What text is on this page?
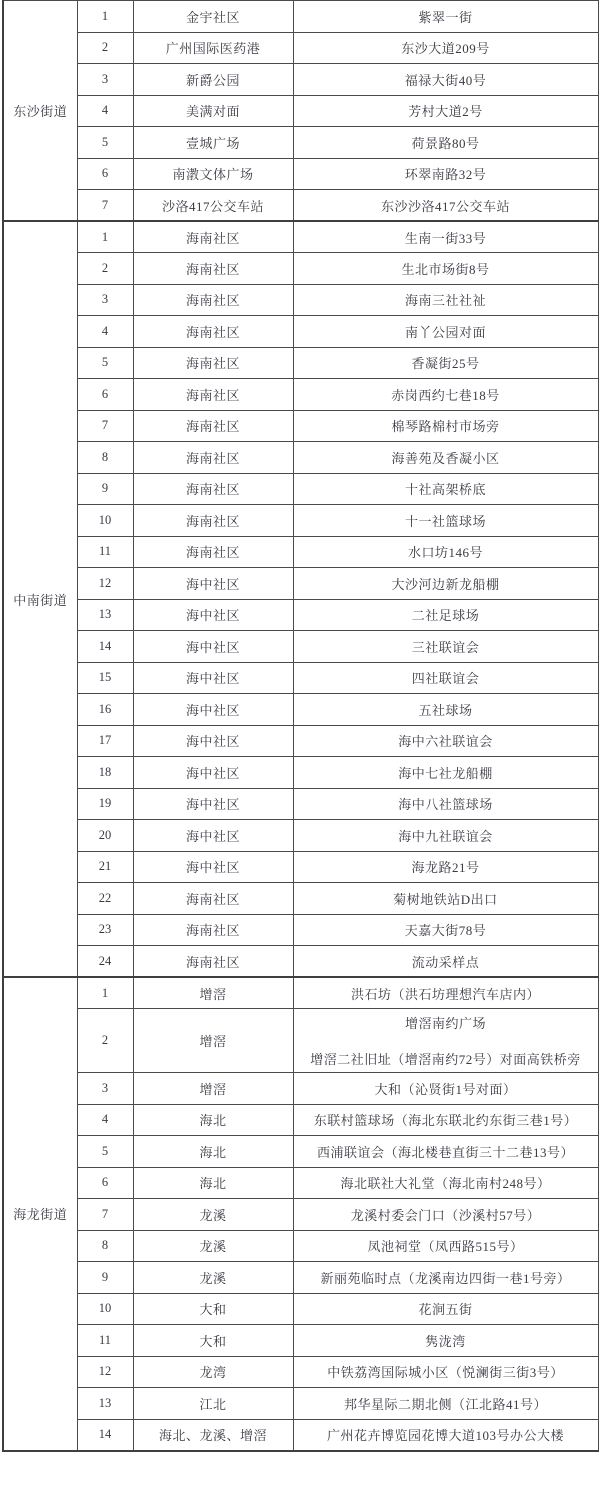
东沙街道	1	金宇社区	紫翠一街
	2	广州国际医药港	东沙大道209号
	3	新爵公园	福禄大街40号
	4	美满对面	芳村大道2号
	5	壹城广场	荷景路80号
	6	南漖文体广场	环翠南路32号
	7	沙洛417公交车站	东沙沙洛417公交车站
中南街道	1	海南社区	生南一街33号
	2	海南社区	生北市场街8号
	3	海南社区	海南三社社祉
	4	海南社区	南丫公园对面
	5	海南社区	香凝街25号
	6	海南社区	赤岗西约七巷18号
	7	海南社区	棉琴路棉村市场旁
	8	海南社区	海善苑及香凝小区
	9	海南社区	十社高架桥底
	10	海南社区	十一社篮球场
	11	海南社区	水口坊146号
	12	海中社区	大沙河边新龙船棚
	13	海中社区	二社足球场
	14	海中社区	三社联谊会
	15	海中社区	四社联谊会
	16	海中社区	五社球场
	17	海中社区	海中六社联谊会
	18	海中社区	海中七社龙船棚
	19	海中社区	海中八社篮球场
	20	海中社区	海中九社联谊会
	21	海中社区	海龙路21号
	22	海南社区	菊树地铁站D出口
	23	海南社区	天嘉大街78号
	24	海南社区	流动采样点
海龙街道	1	增滘	洪石坊（洪石坊理想汽车店内）
	2	增滘	增滘南约广场
增滘二社旧址（增滘南约72号）对面高铁桥旁

	3	增滘	大和（沁贤街1号对面）
	4	海北	东联村篮球场（海北东联北约东街三巷1号）
	5	海北	西浦联谊会（海北楼巷直街三十二巷13号）
	6	海北	海北联社大礼堂（海北南村248号）
	7	龙溪	龙溪村委会门口（沙溪村57号）
	8	龙溪	凤池祠堂（凤西路515号）
	9	龙溪	新丽苑临时点（龙溪南边四街一巷1号旁）
	10	大和	花涧五街
	11	大和	隽泷湾
	12	龙湾	中铁荔湾国际城小区（悦澜街三街3号）
	13	江北	邦华星际二期北侧（江北路41号）
	14	海北、龙溪、增滘	广州花卉博览园花博大道103号办公大楼
